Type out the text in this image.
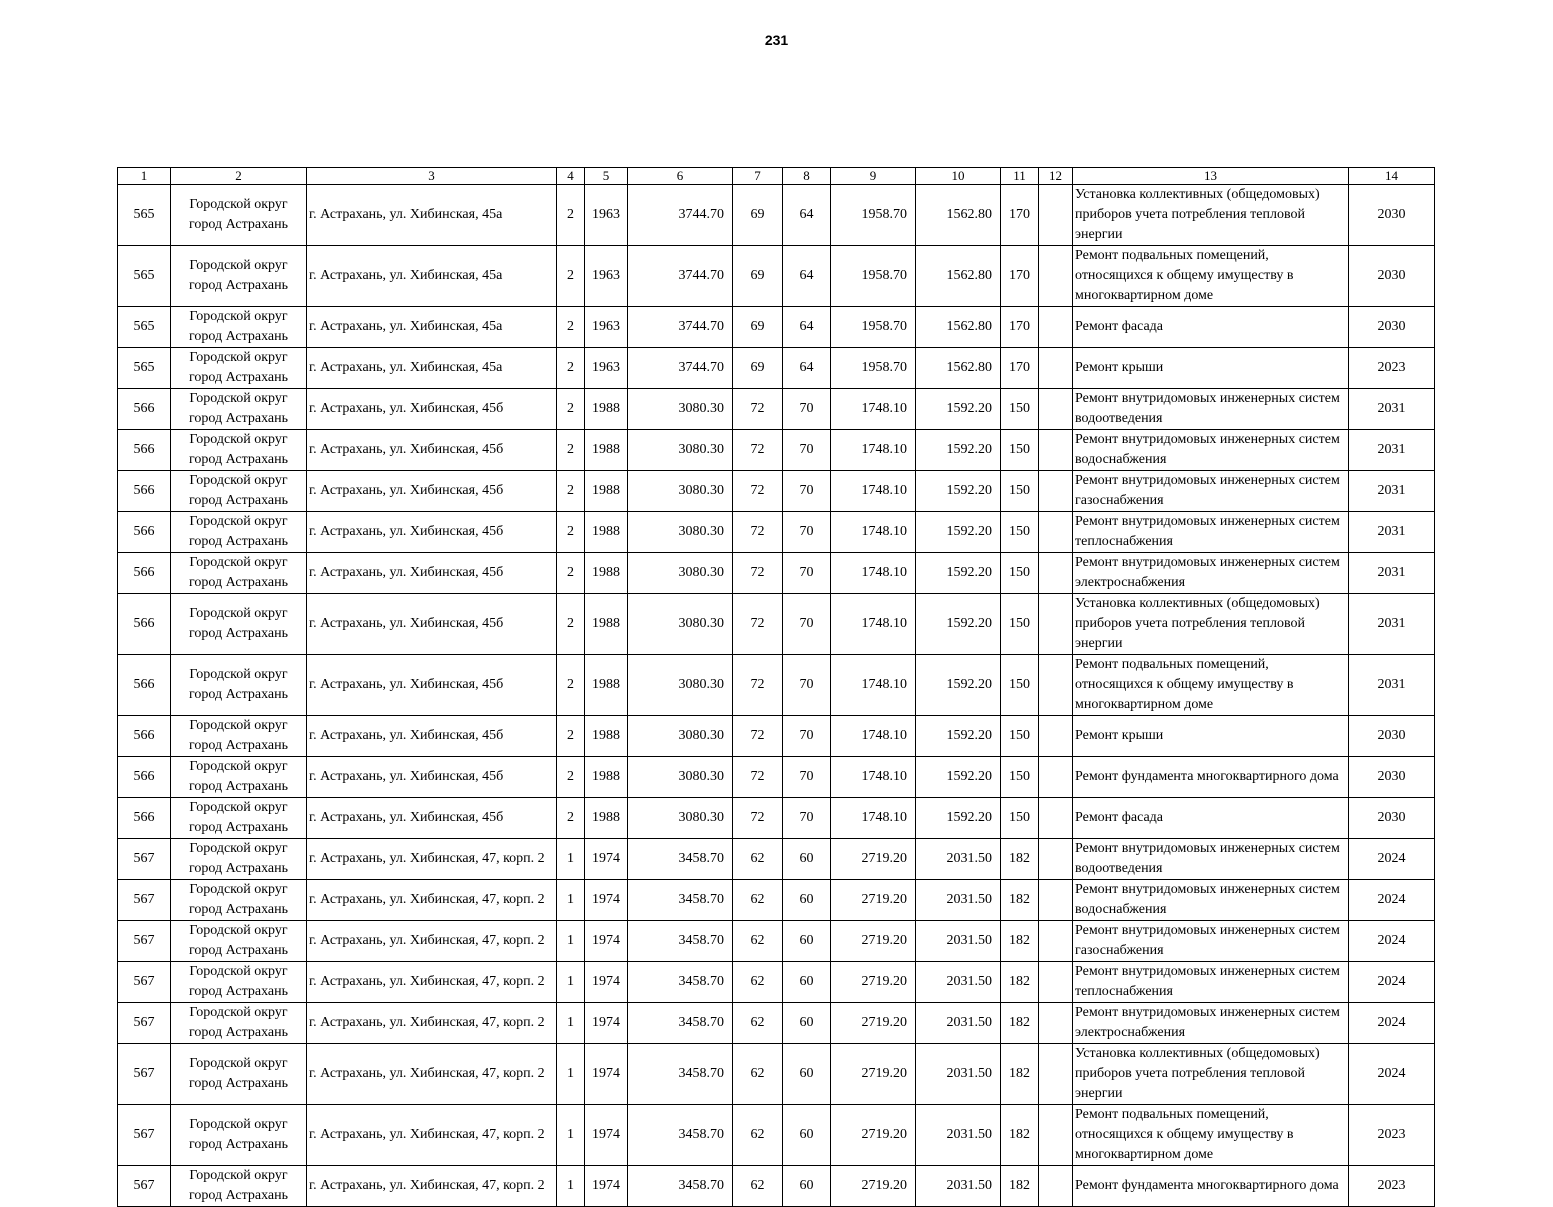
231
1	2	3	4	5	6	7	8	9	10	11	12	13	14
565	Городской округ город Астрахань	г. Астрахань, ул. Хибинская, 45а	2	1963	3744.70	69	64	1958.70	1562.80	170		Установка коллективных (общедомовых) приборов учета потребления тепловой энергии	2030
565	Городской округ город Астрахань	г. Астрахань, ул. Хибинская, 45а	2	1963	3744.70	69	64	1958.70	1562.80	170		Ремонт подвальных помещений, относящихся к общему имуществу в многоквартирном доме	2030
565	Городской округ город Астрахань	г. Астрахань, ул. Хибинская, 45а	2	1963	3744.70	69	64	1958.70	1562.80	170		Ремонт фасада	2030
565	Городской округ город Астрахань	г. Астрахань, ул. Хибинская, 45а	2	1963	3744.70	69	64	1958.70	1562.80	170		Ремонт крыши	2023
566	Городской округ город Астрахань	г. Астрахань, ул. Хибинская, 45б	2	1988	3080.30	72	70	1748.10	1592.20	150		Ремонт внутридомовых инженерных систем водоотведения	2031
566	Городской округ город Астрахань	г. Астрахань, ул. Хибинская, 45б	2	1988	3080.30	72	70	1748.10	1592.20	150		Ремонт внутридомовых инженерных систем водоснабжения	2031
566	Городской округ город Астрахань	г. Астрахань, ул. Хибинская, 45б	2	1988	3080.30	72	70	1748.10	1592.20	150		Ремонт внутридомовых инженерных систем газоснабжения	2031
566	Городской округ город Астрахань	г. Астрахань, ул. Хибинская, 45б	2	1988	3080.30	72	70	1748.10	1592.20	150		Ремонт внутридомовых инженерных систем теплоснабжения	2031
566	Городской округ город Астрахань	г. Астрахань, ул. Хибинская, 45б	2	1988	3080.30	72	70	1748.10	1592.20	150		Ремонт внутридомовых инженерных систем электроснабжения	2031
566	Городской округ город Астрахань	г. Астрахань, ул. Хибинская, 45б	2	1988	3080.30	72	70	1748.10	1592.20	150		Установка коллективных (общедомовых) приборов учета потребления тепловой энергии	2031
566	Городской округ город Астрахань	г. Астрахань, ул. Хибинская, 45б	2	1988	3080.30	72	70	1748.10	1592.20	150		Ремонт подвальных помещений, относящихся к общему имуществу в многоквартирном доме	2031
566	Городской округ город Астрахань	г. Астрахань, ул. Хибинская, 45б	2	1988	3080.30	72	70	1748.10	1592.20	150		Ремонт крыши	2030
566	Городской округ город Астрахань	г. Астрахань, ул. Хибинская, 45б	2	1988	3080.30	72	70	1748.10	1592.20	150		Ремонт фундамента многоквартирного дома	2030
566	Городской округ город Астрахань	г. Астрахань, ул. Хибинская, 45б	2	1988	3080.30	72	70	1748.10	1592.20	150		Ремонт фасада	2030
567	Городской округ город Астрахань	г. Астрахань, ул. Хибинская, 47, корп. 2	1	1974	3458.70	62	60	2719.20	2031.50	182		Ремонт внутридомовых инженерных систем водоотведения	2024
567	Городской округ город Астрахань	г. Астрахань, ул. Хибинская, 47, корп. 2	1	1974	3458.70	62	60	2719.20	2031.50	182		Ремонт внутридомовых инженерных систем водоснабжения	2024
567	Городской округ город Астрахань	г. Астрахань, ул. Хибинская, 47, корп. 2	1	1974	3458.70	62	60	2719.20	2031.50	182		Ремонт внутридомовых инженерных систем газоснабжения	2024
567	Городской округ город Астрахань	г. Астрахань, ул. Хибинская, 47, корп. 2	1	1974	3458.70	62	60	2719.20	2031.50	182		Ремонт внутридомовых инженерных систем теплоснабжения	2024
567	Городской округ город Астрахань	г. Астрахань, ул. Хибинская, 47, корп. 2	1	1974	3458.70	62	60	2719.20	2031.50	182		Ремонт внутридомовых инженерных систем электроснабжения	2024
567	Городской округ город Астрахань	г. Астрахань, ул. Хибинская, 47, корп. 2	1	1974	3458.70	62	60	2719.20	2031.50	182		Установка коллективных (общедомовых) приборов учета потребления тепловой энергии	2024
567	Городской округ город Астрахань	г. Астрахань, ул. Хибинская, 47, корп. 2	1	1974	3458.70	62	60	2719.20	2031.50	182		Ремонт подвальных помещений, относящихся к общему имуществу в многоквартирном доме	2023
567	Городской округ город Астрахань	г. Астрахань, ул. Хибинская, 47, корп. 2	1	1974	3458.70	62	60	2719.20	2031.50	182		Ремонт фундамента многоквартирного дома	2023
